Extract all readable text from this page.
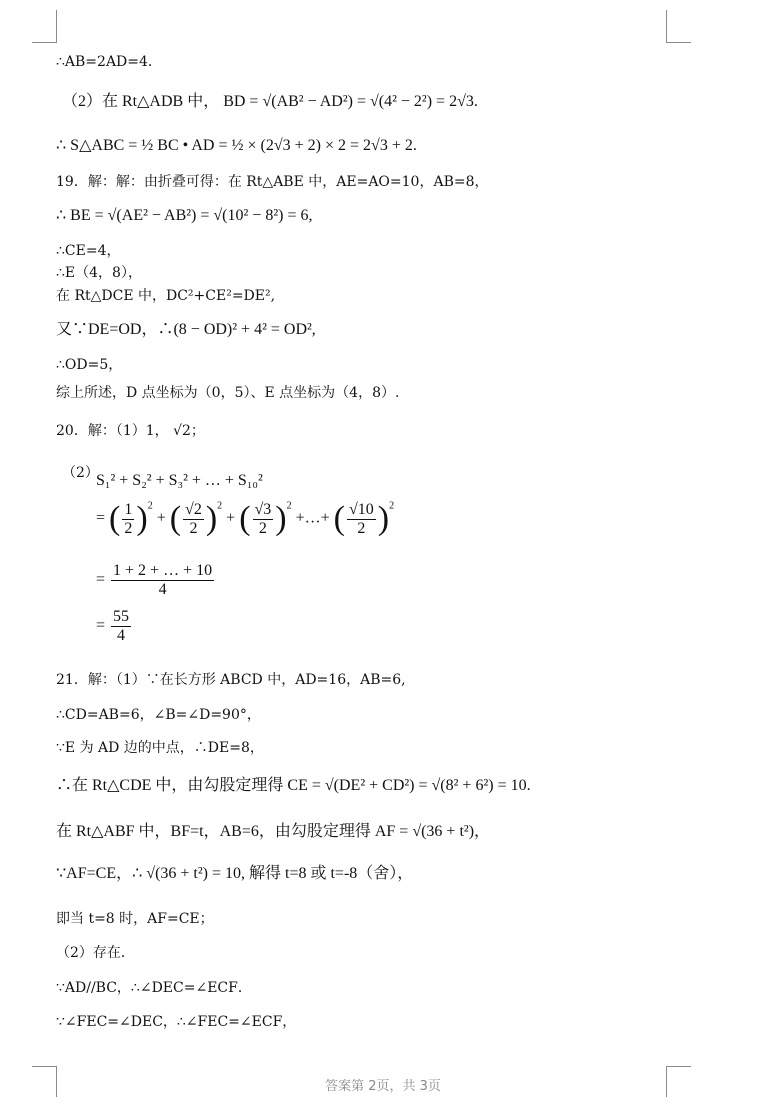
∴AB=2AD=4．
（2）在 Rt△ADB 中， BD = √(AB² − AD²) = √(4² − 2²) = 2√3.
∴ S△ABC = ½ BC • AD = ½ × (2√3 + 2) × 2 = 2√3 + 2.
19．解：解：由折叠可得：在 Rt△ABE 中，AE=AO=10，AB=8，
∴ BE = √(AE² − AB²) = √(10² − 8²) = 6,
∴CE=4，
∴E（4，8），
在 Rt△DCE 中，DC²+CE²=DE²,
又∵DE=OD，∴(8 − OD)² + 4² = OD²,
∴OD=5，
综上所述，D 点坐标为（0，5）、E 点坐标为（4，8）.
20．解：（1）1， √2；
（2）
S₁² + S₂² + S₃² + … + S₁₀²
= ( $\frac{1}{2} )^2$ + ( $\frac{√2}{2} )^2$ + ( $\frac{√3}{2} )^2$ +…+ ( $\frac{√10}{2} )^2$
= $\frac{1 + 2 + \dots + 10}{4}$
= $\frac{55}{4}$
21．解：（1）∵在长方形 ABCD 中，AD=16，AB=6,
∴CD=AB=6，∠B=∠D=90°，
∵E 为 AD 边的中点，∴DE=8，
∴在 Rt△CDE 中，由勾股定理得 CE = √(DE² + CD²) = √(8² + 6²) = 10.
在 Rt△ABF 中，BF=t，AB=6，由勾股定理得 AF = √(36 + t²)，
∵AF=CE，∴ √(36 + t²) = 10, 解得 t=8 或 t=-8（舍），
即当 t=8 时，AF=CE；
（2）存在．
∵AD//BC，∴∠DEC=∠ECF．
∵∠FEC=∠DEC，∴∠FEC=∠ECF，
答案第 2页，共 3页
